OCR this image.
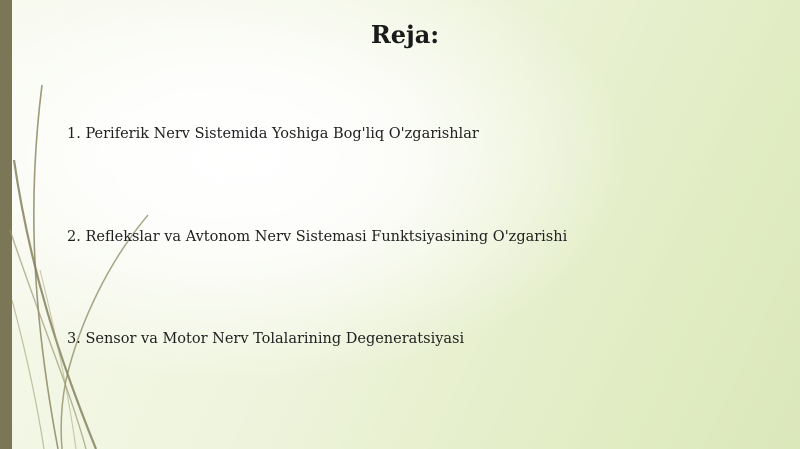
Reja:
1. Periferik Nerv Sistemida Yoshiga Bog'liq O'zgarishlar
2. Reflekslar va Avtonom Nerv Sistemasi Funktsiyasining O'zgarishi
3. Sensor va Motor Nerv Tolalarining Degeneratsiyasi
